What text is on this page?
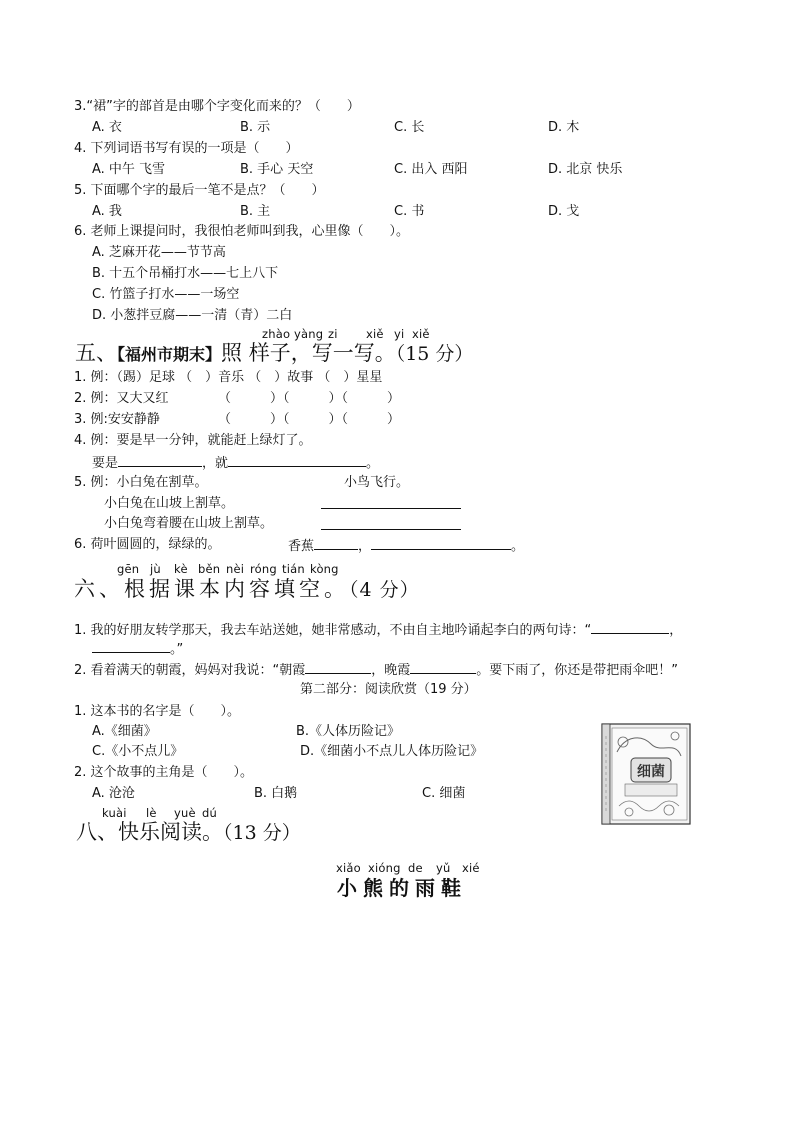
3.“裙”字的部首是由哪个字变化而来的？（　　）
A. 衣	B. 示	C. 长	D. 木
4. 下列词语书写有误的一项是（　　）
A. 中午 飞雪	B. 手心 天空	C. 出入 西阳	D. 北京 快乐
5. 下面哪个字的最后一笔不是点？（　　）
A. 我	B. 主	C. 书	D. 戈
6. 老师上课提问时，我很怕老师叫到我，心里像（　　）。
A. 芝麻开花——节节高
B. 十五个吊桶打水——七上八下
C. 竹篮子打水——一场空
D. 小葱拌豆腐——一清（青）二白
zhào yàng zi xiě yi xiě
五、【福州市期末】照 样子，写一写。（15 分）
1. 例：（踢）足球 （　）音乐 （　）故事 （　）星星
2. 例：又大又红	（　　　）（　　　）（　　　）
3. 例:安安静静	（　　　）（　　　）（　　　）
4. 例：要是早一分钟，就能赶上绿灯了。
要是	，就	。
5. 例：小白兔在割草。	小鸟飞行。
小白兔在山坡上割草。
小白兔弯着腰在山坡上割草。
6. 荷叶圆圆的，绿绿的。	香蕉	，	。
gēn jù kè běn nèi róng tián kòng
六、根据课本内容填空。（4 分）
1. 我的好朋友转学那天，我去车站送她，她非常感动，不由自主地吟诵起李白的两句诗：“	，
。”
2. 看着满天的朝霞，妈妈对我说：“朝霞	，晚霞	。要下雨了，你还是带把雨伞吧！”
第二部分：阅读欣赏（19 分）
1. 这本书的名字是（　　）。
A.《细菌》	B.《人体历险记》
C.《小不点儿》	D.《细菌小不点儿人体历险记》
2. 这个故事的主角是（　　）。
A. 沧沧	B. 白鹅	C. 细菌
细菌
kuài lè yuè dú
八、快乐阅读。（13 分）
xiǎo xióng de yǔ xié
小熊的雨鞋
